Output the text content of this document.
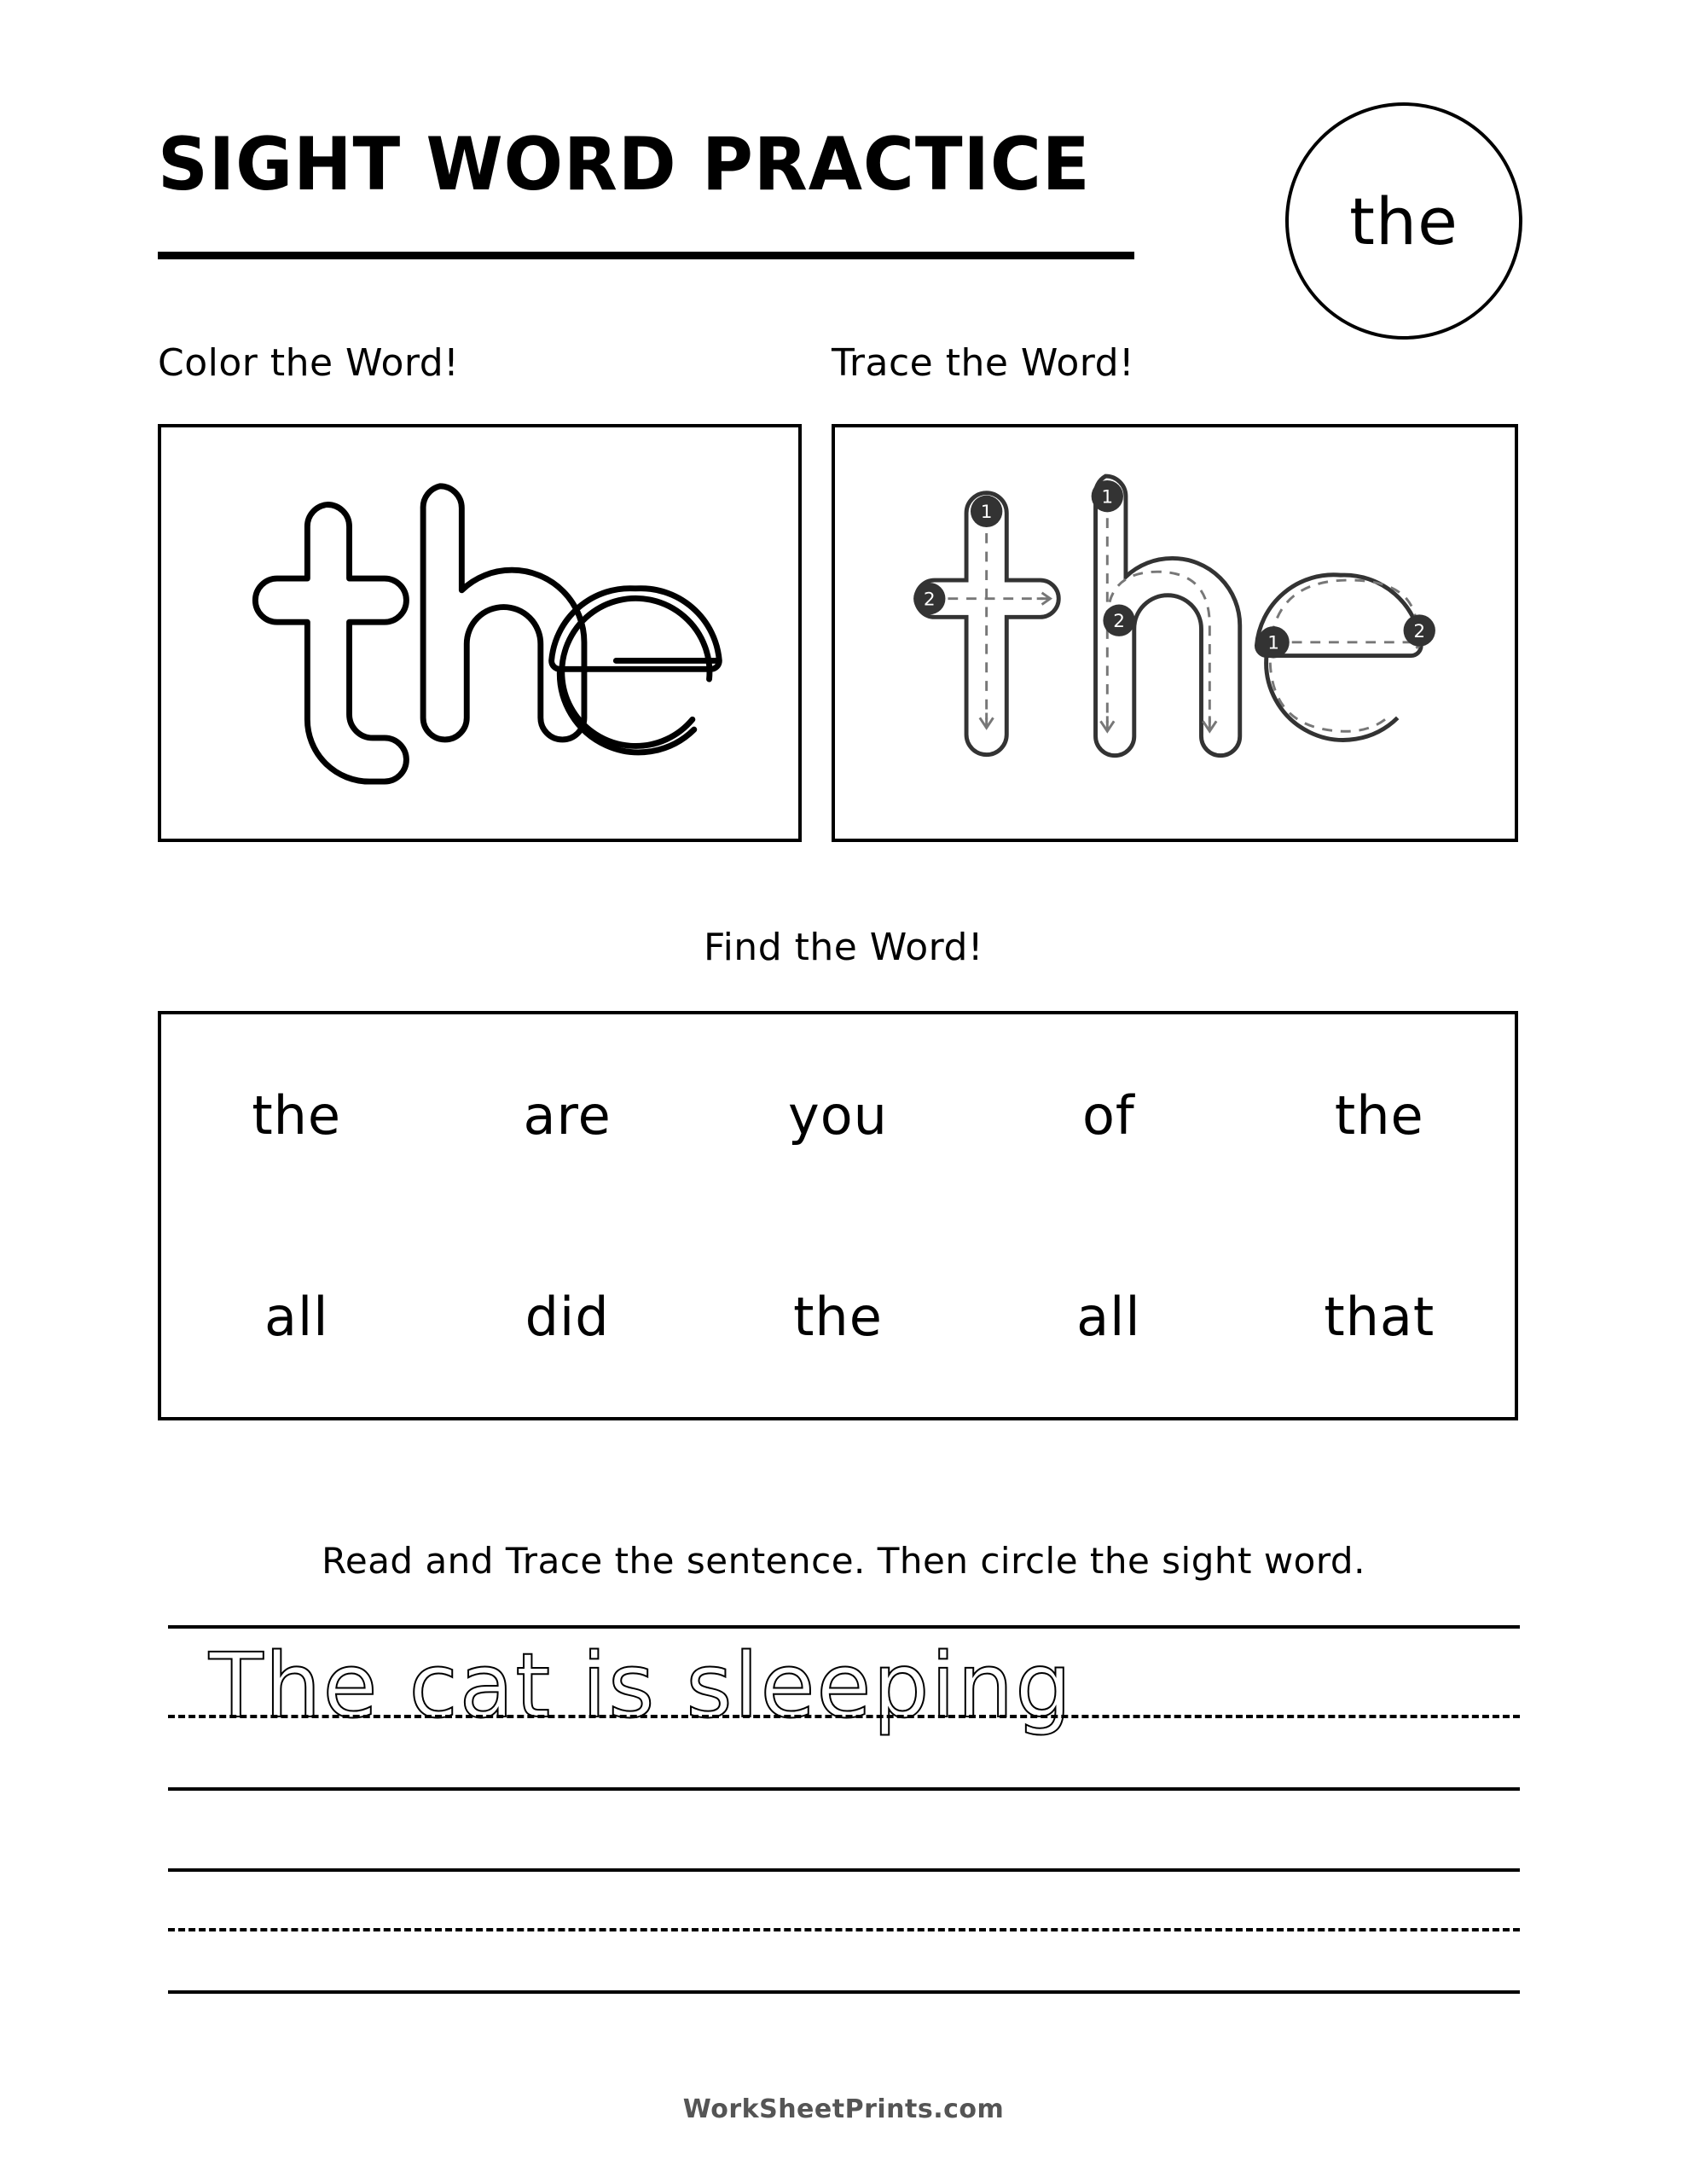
SIGHT WORD PRACTICE
the
Color the Word!	Trace the Word!
1
2
1
2
1
2
Find the Word!
the	are	you	of	the
all	did	the	all	that
Read and Trace the sentence. Then circle the sight word.
The cat is sleeping
WorkSheetPrints.com
